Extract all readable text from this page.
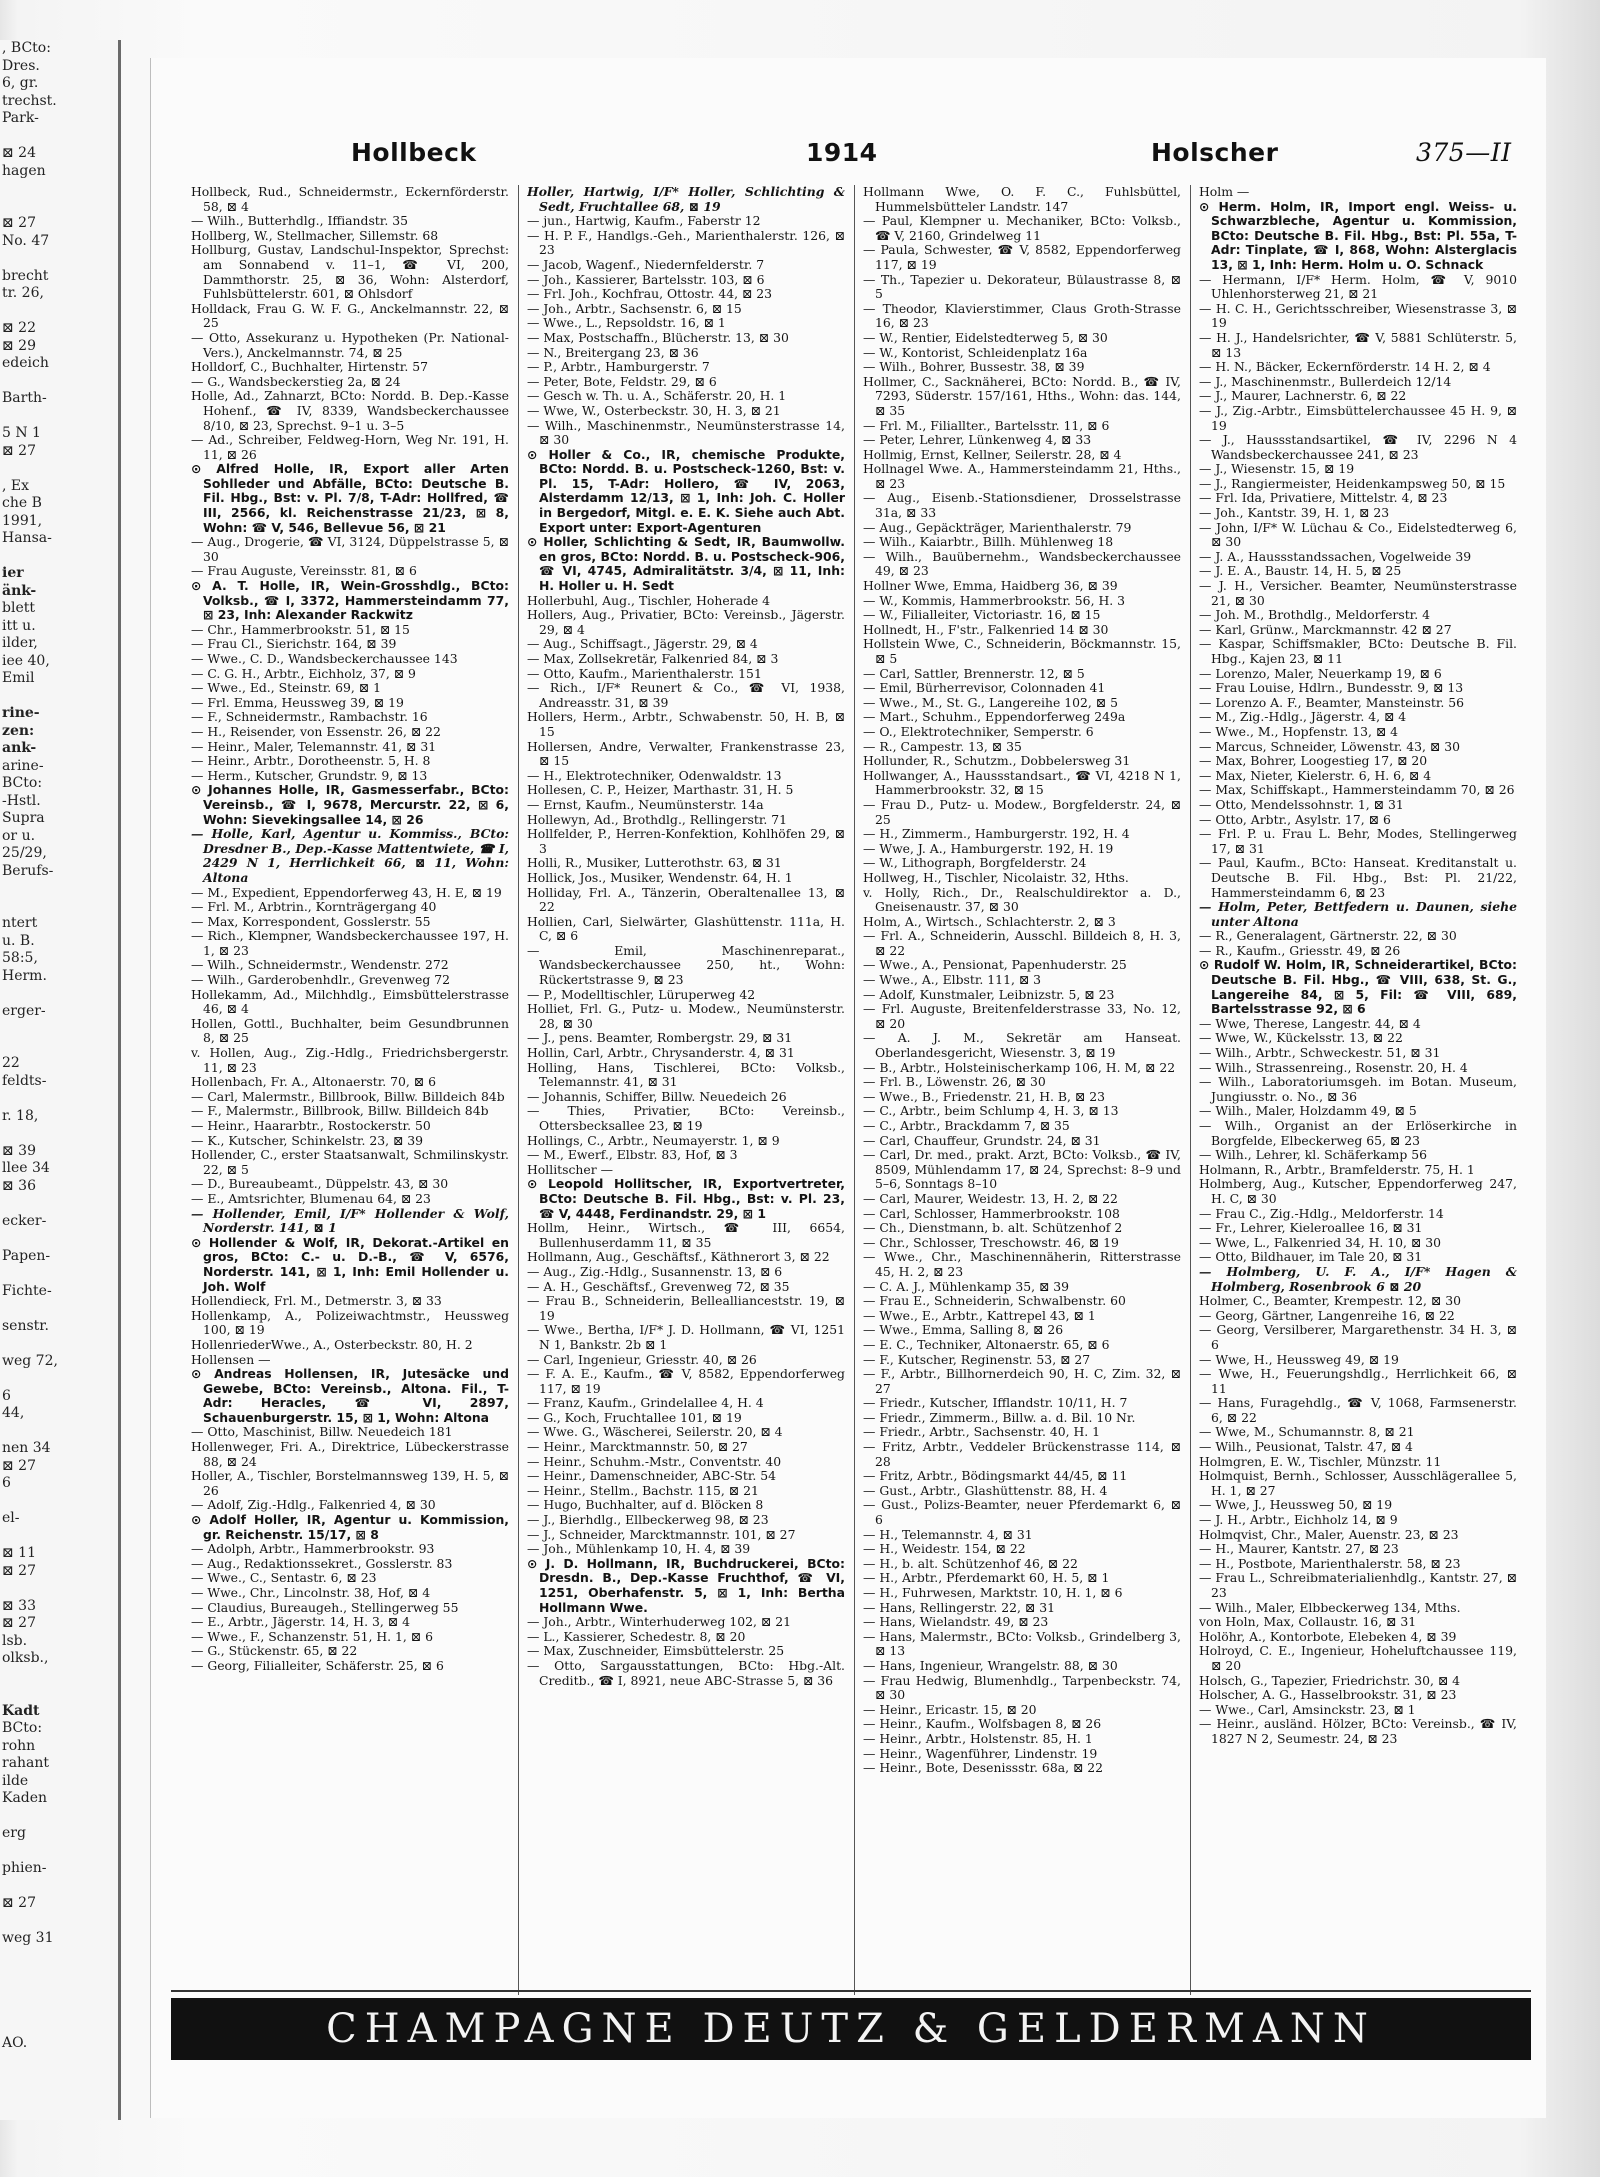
, BCto:
Dres.
6, gr.
trechst.
Park-

⊠ 24
hagen

⊠ 27
No. 47

brecht
tr. 26,

⊠ 22
⊠ 29
edeich

Barth-

5 N 1
⊠ 27

, Ex
che B
1991,
Hansa-

ier
änk-
blett
itt u.
ilder,
iee 40,
Emil

rine-
zen:
ank-
arine-
BCto:
-Hstl.
Supra
or u.
25/29,
Berufs-

ntert
u. B.
58:5,
Herm.

erger-

22
feldts-

r. 18,

⊠ 39
llee 34
⊠ 36

ecker-

Papen-

Fichte-

senstr.

weg 72,

6
44,

nen 34
⊠ 27
6

el-

⊠ 11
⊠ 27

⊠ 33
⊠ 27
lsb.
olksb.,

Kadt
BCto:
rohn
rahant
ilde
Kaden

erg

phien-

⊠ 27

weg 31

AO.
Hollbeck	1914	Holscher	375—II

Hollbeck, Rud., Schneidermstr., Eckernförderstr. 58, ⊠ 4

— Wilh., Butterhdlg., Iffiandstr. 35

Hollberg, W., Stellmacher, Sillemstr. 68

Hollburg, Gustav, Landschul-Inspektor, Sprechst: am Sonnabend v. 11–1, ☎ VI, 200, Dammthorstr. 25, ⊠ 36, Wohn: Alsterdorf, Fuhlsbüttelerstr. 601, ⊠ Ohlsdorf

Holldack, Frau G. W. F. G., Anckelmannstr. 22, ⊠ 25

— Otto, Assekuranz u. Hypotheken (Pr. National-Vers.), Anckelmannstr. 74, ⊠ 25

Holldorf, C., Buchhalter, Hirtenstr. 57

— G., Wandsbeckerstieg 2a, ⊠ 24

Holle, Ad., Zahnarzt, BCto: Nordd. B. Dep.-Kasse Hohenf., ☎ IV, 8339, Wandsbeckerchaussee 8/10, ⊠ 23, Sprechst. 9–1 u. 3–5

— Ad., Schreiber, Feldweg-Horn, Weg Nr. 191, H. 11, ⊠ 26

⊙ Alfred Holle, IR, Export aller Arten Sohlleder und Abfälle, BCto: Deutsche B. Fil. Hbg., Bst: v. Pl. 7/8, T-Adr: Hollfred, ☎ III, 2566, kl. Reichenstrasse 21/23, ⊠ 8, Wohn: ☎ V, 546, Bellevue 56, ⊠ 21

— Aug., Drogerie, ☎ VI, 3124, Düppelstrasse 5, ⊠ 30

— Frau Auguste, Vereinsstr. 81, ⊠ 6

⊙ A. T. Holle, IR, Wein-Grosshdlg., BCto: Volksb., ☎ I, 3372, Hammersteindamm 77, ⊠ 23, Inh: Alexander Rackwitz

— Chr., Hammerbrookstr. 51, ⊠ 15

— Frau Cl., Sierichstr. 164, ⊠ 39

— Wwe., C. D., Wandsbeckerchaussee 143

— C. G. H., Arbtr., Eichholz, 37, ⊠ 9

— Wwe., Ed., Steinstr. 69, ⊠ 1

— Frl. Emma, Heussweg 39, ⊠ 19

— F., Schneidermstr., Rambachstr. 16

— H., Reisender, von Essenstr. 26, ⊠ 22

— Heinr., Maler, Telemannstr. 41, ⊠ 31

— Heinr., Arbtr., Dorotheenstr. 5, H. 8

— Herm., Kutscher, Grundstr. 9, ⊠ 13

⊙ Johannes Holle, IR, Gasmesserfabr., BCto: Vereinsb., ☎ I, 9678, Mercurstr. 22, ⊠ 6, Wohn: Sievekingsallee 14, ⊠ 26

— Holle, Karl, Agentur u. Kommiss., BCto: Dresdner B., Dep.-Kasse Mattentwiete, ☎ I, 2429 N 1, Herrlichkeit 66, ⊠ 11, Wohn: Altona

— M., Expedient, Eppendorferweg 43, H. E, ⊠ 19

— Frl. M., Arbtrin., Kornträgergang 40

— Max, Korrespondent, Gosslerstr. 55

— Rich., Klempner, Wandsbeckerchaussee 197, H. 1, ⊠ 23

— Wilh., Schneidermstr., Wendenstr. 272

— Wilh., Garderobenhdlr., Grevenweg 72

Hollekamm, Ad., Milchhdlg., Eimsbüttelerstrasse 46, ⊠ 4

Hollen, Gottl., Buchhalter, beim Gesundbrunnen 8, ⊠ 25

v. Hollen, Aug., Zig.-Hdlg., Friedrichsbergerstr. 11, ⊠ 23

Hollenbach, Fr. A., Altonaerstr. 70, ⊠ 6

— Carl, Malermstr., Billbrook, Billw. Billdeich 84b

— F., Malermstr., Billbrook, Billw. Billdeich 84b

— Heinr., Haararbtr., Rostockerstr. 50

— K., Kutscher, Schinkelstr. 23, ⊠ 39

Hollender, C., erster Staatsanwalt, Schmilinskystr. 22, ⊠ 5

— D., Bureaubeamt., Düppelstr. 43, ⊠ 30

— E., Amtsrichter, Blumenau 64, ⊠ 23

— Hollender, Emil, I/F* Hollender & Wolf, Norderstr. 141, ⊠ 1

⊙ Hollender & Wolf, IR, Dekorat.-Artikel en gros, BCto: C.- u. D.-B., ☎ V, 6576, Norderstr. 141, ⊠ 1, Inh: Emil Hollender u. Joh. Wolf

Hollendieck, Frl. M., Detmerstr. 3, ⊠ 33

Hollenkamp, A., Polizeiwachtmstr., Heussweg 100, ⊠ 19

HollenriederWwe., A., Osterbeckstr. 80, H. 2

Hollensen —

⊙ Andreas Hollensen, IR, Jutesäcke und Gewebe, BCto: Vereinsb., Altona. Fil., T-Adr: Heracles, ☎ VI, 2897, Schauenburgerstr. 15, ⊠ 1, Wohn: Altona

— Otto, Maschinist, Billw. Neuedeich 181

Hollenweger, Fri. A., Direktrice, Lübeckerstrasse 88, ⊠ 24

Holler, A., Tischler, Borstelmannsweg 139, H. 5, ⊠ 26

— Adolf, Zig.-Hdlg., Falkenried 4, ⊠ 30

⊙ Adolf Holler, IR, Agentur u. Kommission, gr. Reichenstr. 15/17, ⊠ 8

— Adolph, Arbtr., Hammerbrookstr. 93

— Aug., Redaktionssekret., Gosslerstr. 83

— Wwe., C., Sentastr. 6, ⊠ 23

— Wwe., Chr., Lincolnstr. 38, Hof, ⊠ 4

— Claudius, Bureaugeh., Stellingerweg 55

— E., Arbtr., Jägerstr. 14, H. 3, ⊠ 4

— Wwe., F., Schanzenstr. 51, H. 1, ⊠ 6

— G., Stückenstr. 65, ⊠ 22

— Georg, Filialleiter, Schäferstr. 25, ⊠ 6

Holler, Hartwig, I/F* Holler, Schlichting & Sedt, Fruchtallee 68, ⊠ 19

— jun., Hartwig, Kaufm., Faberstr 12

— H. P. F., Handlgs.-Geh., Marienthalerstr. 126, ⊠ 23

— Jacob, Wagenf., Niedernfelderstr. 7

— Joh., Kassierer, Bartelsstr. 103, ⊠ 6

— Frl. Joh., Kochfrau, Ottostr. 44, ⊠ 23

— Joh., Arbtr., Sachsenstr. 6, ⊠ 15

— Wwe., L., Repsoldstr. 16, ⊠ 1

— Max, Postschaffn., Blücherstr. 13, ⊠ 30

— N., Breitergang 23, ⊠ 36

— P., Arbtr., Hamburgerstr. 7

— Peter, Bote, Feldstr. 29, ⊠ 6

— Gesch w. Th. u. A., Schäferstr. 20, H. 1

— Wwe, W., Osterbeckstr. 30, H. 3, ⊠ 21

— Wilh., Maschinenmstr., Neumünsterstrasse 14, ⊠ 30

⊙ Holler & Co., IR, chemische Produkte, BCto: Nordd. B. u. Postscheck-1260, Bst: v. Pl. 15, T-Adr: Hollero, ☎ IV, 2063, Alsterdamm 12/13, ⊠ 1, Inh: Joh. C. Holler in Bergedorf, Mitgl. e. E. K. Siehe auch Abt. Export unter: Export-Agenturen

⊙ Holler, Schlichting & Sedt, IR, Baumwollw. en gros, BCto: Nordd. B. u. Postscheck-906, ☎ VI, 4745, Admiralitätstr. 3/4, ⊠ 11, Inh: H. Holler u. H. Sedt

Hollerbuhl, Aug., Tischler, Hoherade 4

Hollers, Aug., Privatier, BCto: Vereinsb., Jägerstr. 29, ⊠ 4

— Aug., Schiffsagt., Jägerstr. 29, ⊠ 4

— Max, Zollsekretär, Falkenried 84, ⊠ 3

— Otto, Kaufm., Marienthalerstr. 151

— Rich., I/F* Reunert & Co., ☎ VI, 1938, Andreasstr. 31, ⊠ 39

Hollers, Herm., Arbtr., Schwabenstr. 50, H. B, ⊠ 15

Hollersen, Andre, Verwalter, Frankenstrasse 23, ⊠ 15

— H., Elektrotechniker, Odenwaldstr. 13

Hollesen, C. P., Heizer, Marthastr. 31, H. 5

— Ernst, Kaufm., Neumünsterstr. 14a

Hollewyn, Ad., Brothdlg., Rellingerstr. 71

Hollfelder, P., Herren-Konfektion, Kohlhöfen 29, ⊠ 3

Holli, R., Musiker, Lutterothstr. 63, ⊠ 31

Hollick, Jos., Musiker, Wendenstr. 64, H. 1

Holliday, Frl. A., Tänzerin, Oberaltenallee 13, ⊠ 22

Hollien, Carl, Sielwärter, Glashüttenstr. 111a, H. C, ⊠ 6

— Emil, Maschinenreparat., Wandsbeckerchaussee 250, ht., Wohn: Rückertstrasse 9, ⊠ 23

— P., Modelltischler, Lüruperweg 42

Holliet, Frl. G., Putz- u. Modew., Neumünsterstr. 28, ⊠ 30

— J., pens. Beamter, Rombergstr. 29, ⊠ 31

Hollin, Carl, Arbtr., Chrysanderstr. 4, ⊠ 31

Holling, Hans, Tischlerei, BCto: Volksb., Telemannstr. 41, ⊠ 31

— Johannis, Schiffer, Billw. Neuedeich 26

— Thies, Privatier, BCto: Vereinsb., Ottersbecksallee 23, ⊠ 19

Hollings, C., Arbtr., Neumayerstr. 1, ⊠ 9

— M., Ewerf., Elbstr. 83, Hof, ⊠ 3

Hollitscher —

⊙ Leopold Hollitscher, IR, Exportvertreter, BCto: Deutsche B. Fil. Hbg., Bst: v. Pl. 23, ☎ V, 4448, Ferdinandstr. 29, ⊠ 1

Hollm, Heinr., Wirtsch., ☎ III, 6654, Bullenhuserdamm 11, ⊠ 35

Hollmann, Aug., Geschäftsf., Käthnerort 3, ⊠ 22

— Aug., Zig.-Hdlg., Susannenstr. 13, ⊠ 6

— A. H., Geschäftsf., Grevenweg 72, ⊠ 35

— Frau B., Schneiderin, Belleallianceststr. 19, ⊠ 19

— Wwe., Bertha, I/F* J. D. Hollmann, ☎ VI, 1251 N 1, Bankstr. 2b ⊠ 1

— Carl, Ingenieur, Griesstr. 40, ⊠ 26

— F. A. E., Kaufm., ☎ V, 8582, Eppendorferweg 117, ⊠ 19

— Franz, Kaufm., Grindelallee 4, H. 4

— G., Koch, Fruchtallee 101, ⊠ 19

— Wwe. G., Wäscherei, Seilerstr. 20, ⊠ 4

— Heinr., Marcktmannstr. 50, ⊠ 27

— Heinr., Schuhm.-Mstr., Conventstr. 40

— Heinr., Damenschneider, ABC-Str. 54

— Heinr., Stellm., Bachstr. 115, ⊠ 21

— Hugo, Buchhalter, auf d. Blöcken 8

— J., Bierhdlg., Ellbeckerweg 98, ⊠ 23

— J., Schneider, Marcktmannstr. 101, ⊠ 27

— Joh., Mühlenkamp 10, H. 4, ⊠ 39

⊙ J. D. Hollmann, IR, Buchdruckerei, BCto: Dresdn. B., Dep.-Kasse Fruchthof, ☎ VI, 1251, Oberhafenstr. 5, ⊠ 1, Inh: Bertha Hollmann Wwe.

— Joh., Arbtr., Winterhuderweg 102, ⊠ 21

— L., Kassierer, Schedestr. 8, ⊠ 20

— Max, Zuschneider, Eimsbüttelerstr. 25

— Otto, Sargausstattungen, BCto: Hbg.-Alt. Creditb., ☎ I, 8921, neue ABC-Strasse 5, ⊠ 36

Hollmann Wwe, O. F. C., Fuhlsbüttel, Hummelsbütteler Landstr. 147

— Paul, Klempner u. Mechaniker, BCto: Volksb., ☎ V, 2160, Grindelweg 11

— Paula, Schwester, ☎ V, 8582, Eppendorferweg 117, ⊠ 19

— Th., Tapezier u. Dekorateur, Bülaustrasse 8, ⊠ 5

— Theodor, Klavierstimmer, Claus Groth-Strasse 16, ⊠ 23

— W., Rentier, Eidelstedterweg 5, ⊠ 30

— W., Kontorist, Schleidenplatz 16a

— Wilh., Bohrer, Bussestr. 38, ⊠ 39

Hollmer, C., Sacknäherei, BCto: Nordd. B., ☎ IV, 7293, Süderstr. 157/161, Hths., Wohn: das. 144, ⊠ 35

— Frl. M., Filiallter., Bartelsstr. 11, ⊠ 6

— Peter, Lehrer, Lünkenweg 4, ⊠ 33

Hollmig, Ernst, Kellner, Seilerstr. 28, ⊠ 4

Hollnagel Wwe. A., Hammersteindamm 21, Hths., ⊠ 23

— Aug., Eisenb.-Stationsdiener, Drosselstrasse 31a, ⊠ 33

— Aug., Gepäckträger, Marienthalerstr. 79

— Wilh., Kaiarbtr., Billh. Mühlenweg 18

— Wilh., Bauübernehm., Wandsbeckerchaussee 49, ⊠ 23

Hollner Wwe, Emma, Haidberg 36, ⊠ 39

— W., Kommis, Hammerbrookstr. 56, H. 3

— W., Filialleiter, Victoriastr. 16, ⊠ 15

Hollnedt, H., F'str., Falkenried 14 ⊠ 30

Hollstein Wwe, C., Schneiderin, Böckmannstr. 15, ⊠ 5

— Carl, Sattler, Brennerstr. 12, ⊠ 5

— Emil, Bürherrevisor, Colonnaden 41

— Wwe., M., St. G., Langereihe 102, ⊠ 5

— Mart., Schuhm., Eppendorferweg 249a

— O., Elektrotechniker, Semperstr. 6

— R., Campestr. 13, ⊠ 35

Hollunder, R., Schutzm., Dobbelersweg 31

Hollwanger, A., Haussstandsart., ☎ VI, 4218 N 1, Hammerbrookstr. 32, ⊠ 15

— Frau D., Putz- u. Modew., Borgfelderstr. 24, ⊠ 25

— H., Zimmerm., Hamburgerstr. 192, H. 4

— Wwe, J. A., Hamburgerstr. 192, H. 19

— W., Lithograph, Borgfelderstr. 24

Hollweg, H., Tischler, Nicolaistr. 32, Hths.

v. Holly, Rich., Dr., Realschuldirektor a. D., Gneisenaustr. 37, ⊠ 30

Holm, A., Wirtsch., Schlachterstr. 2, ⊠ 3

— Frl. A., Schneiderin, Ausschl. Billdeich 8, H. 3, ⊠ 22

— Wwe., A., Pensionat, Papenhuderstr. 25

— Wwe., A., Elbstr. 111, ⊠ 3

— Adolf, Kunstmaler, Leibnizstr. 5, ⊠ 23

— Frl. Auguste, Breitenfelderstrasse 33, No. 12, ⊠ 20

— A. J. M., Sekretär am Hanseat. Oberlandesgericht, Wiesenstr. 3, ⊠ 19

— B., Arbtr., Holsteinischerkamp 106, H. M, ⊠ 22

— Frl. B., Löwenstr. 26, ⊠ 30

— Wwe., B., Friedenstr. 21, H. B, ⊠ 23

— C., Arbtr., beim Schlump 4, H. 3, ⊠ 13

— C., Arbtr., Brackdamm 7, ⊠ 35

— Carl, Chauffeur, Grundstr. 24, ⊠ 31

— Carl, Dr. med., prakt. Arzt, BCto: Volksb., ☎ IV, 8509, Mühlendamm 17, ⊠ 24, Sprechst: 8–9 und 5–6, Sonntags 8–10

— Carl, Maurer, Weidestr. 13, H. 2, ⊠ 22

— Carl, Schlosser, Hammerbrookstr. 108

— Ch., Dienstmann, b. alt. Schützenhof 2

— Chr., Schlosser, Treschowstr. 46, ⊠ 19

— Wwe., Chr., Maschinennäherin, Ritterstrasse 45, H. 2, ⊠ 23

— C. A. J., Mühlenkamp 35, ⊠ 39

— Frau E., Schneiderin, Schwalbenstr. 60

— Wwe., E., Arbtr., Kattrepel 43, ⊠ 1

— Wwe., Emma, Salling 8, ⊠ 26

— E. C., Techniker, Altonaerstr. 65, ⊠ 6

— F., Kutscher, Reginenstr. 53, ⊠ 27

— F., Arbtr., Billhornerdeich 90, H. C, Zim. 32, ⊠ 27

— Friedr., Kutscher, Ifflandstr. 10/11, H. 7

— Friedr., Zimmerm., Billw. a. d. Bil. 10 Nr.

— Friedr., Arbtr., Sachsenstr. 40, H. 1

— Fritz, Arbtr., Veddeler Brückenstrasse 114, ⊠ 28

— Fritz, Arbtr., Bödingsmarkt 44/45, ⊠ 11

— Gust., Arbtr., Glashüttenstr. 88, H. 4

— Gust., Polizs-Beamter, neuer Pferdemarkt 6, ⊠ 6

— H., Telemannstr. 4, ⊠ 31

— H., Weidestr. 154, ⊠ 22

— H., b. alt. Schützenhof 46, ⊠ 22

— H., Arbtr., Pferdemarkt 60, H. 5, ⊠ 1

— H., Fuhrwesen, Marktstr. 10, H. 1, ⊠ 6

— Hans, Rellingerstr. 22, ⊠ 31

— Hans, Wielandstr. 49, ⊠ 23

— Hans, Malermstr., BCto: Volksb., Grindelberg 3, ⊠ 13

— Hans, Ingenieur, Wrangelstr. 88, ⊠ 30

— Frau Hedwig, Blumenhdlg., Tarpenbeckstr. 74, ⊠ 30

— Heinr., Ericastr. 15, ⊠ 20

— Heinr., Kaufm., Wolfsbagen 8, ⊠ 26

— Heinr., Arbtr., Holstenstr. 85, H. 1

— Heinr., Wagenführer, Lindenstr. 19

— Heinr., Bote, Desenissstr. 68a, ⊠ 22

Holm —

⊙ Herm. Holm, IR, Import engl. Weiss- u. Schwarzbleche, Agentur u. Kommission, BCto: Deutsche B. Fil. Hbg., Bst: Pl. 55a, T-Adr: Tinplate, ☎ I, 868, Wohn: Alsterglacis 13, ⊠ 1, Inh: Herm. Holm u. O. Schnack

— Hermann, I/F* Herm. Holm, ☎ V, 9010 Uhlenhorsterweg 21, ⊠ 21

— H. C. H., Gerichtsschreiber, Wiesenstrasse 3, ⊠ 19

— H. J., Handelsrichter, ☎ V, 5881 Schlüterstr. 5, ⊠ 13

— H. N., Bäcker, Eckernförderstr. 14 H. 2, ⊠ 4

— J., Maschinenmstr., Bullerdeich 12/14

— J., Maurer, Lachnerstr. 6, ⊠ 22

— J., Zig.-Arbtr., Eimsbüttelerchaussee 45 H. 9, ⊠ 19

— J., Haussstandsartikel, ☎ IV, 2296 N 4 Wandsbeckerchaussee 241, ⊠ 23

— J., Wiesenstr. 15, ⊠ 19

— J., Rangiermeister, Heidenkampsweg 50, ⊠ 15

— Frl. Ida, Privatiere, Mittelstr. 4, ⊠ 23

— Joh., Kantstr. 39, H. 1, ⊠ 23

— John, I/F* W. Lüchau & Co., Eidelstedterweg 6, ⊠ 30

— J. A., Haussstandssachen, Vogelweide 39

— J. E. A., Baustr. 14, H. 5, ⊠ 25

— J. H., Versicher. Beamter, Neumünsterstrasse 21, ⊠ 30

— Joh. M., Brothdlg., Meldorferstr. 4

— Karl, Grünw., Marckmannstr. 42 ⊠ 27

— Kaspar, Schiffsmakler, BCto: Deutsche B. Fil. Hbg., Kajen 23, ⊠ 11

— Lorenzo, Maler, Neuerkamp 19, ⊠ 6

— Frau Louise, Hdlrn., Bundesstr. 9, ⊠ 13

— Lorenzo A. F., Beamter, Mansteinstr. 56

— M., Zig.-Hdlg., Jägerstr. 4, ⊠ 4

— Wwe., M., Hopfenstr. 13, ⊠ 4

— Marcus, Schneider, Löwenstr. 43, ⊠ 30

— Max, Bohrer, Loogestieg 17, ⊠ 20

— Max, Nieter, Kielerstr. 6, H. 6, ⊠ 4

— Max, Schiffskapt., Hammersteindamm 70, ⊠ 26

— Otto, Mendelssohnstr. 1, ⊠ 31

— Otto, Arbtr., Asylstr. 17, ⊠ 6

— Frl. P. u. Frau L. Behr, Modes, Stellingerweg 17, ⊠ 31

— Paul, Kaufm., BCto: Hanseat. Kreditanstalt u. Deutsche B. Fil. Hbg., Bst: Pl. 21/22, Hammersteindamm 6, ⊠ 23

— Holm, Peter, Bettfedern u. Daunen, siehe unter Altona

— R., Generalagent, Gärtnerstr. 22, ⊠ 30

— R., Kaufm., Griesstr. 49, ⊠ 26

⊙ Rudolf W. Holm, IR, Schneiderartikel, BCto: Deutsche B. Fil. Hbg., ☎ VIII, 638, St. G., Langereihe 84, ⊠ 5, Fil: ☎ VIII, 689, Bartelsstrasse 92, ⊠ 6

— Wwe, Therese, Langestr. 44, ⊠ 4

— Wwe, W., Kückelsstr. 13, ⊠ 22

— Wilh., Arbtr., Schweckestr. 51, ⊠ 31

— Wilh., Strassenreing., Rosenstr. 20, H. 4

— Wilh., Laboratoriumsgeh. im Botan. Museum, Jungiusstr. o. No., ⊠ 36

— Wilh., Maler, Holzdamm 49, ⊠ 5

— Wilh., Organist an der Erlöserkirche in Borgfelde, Elbeckerweg 65, ⊠ 23

— Wilh., Lehrer, kl. Schäferkamp 56

Holmann, R., Arbtr., Bramfelderstr. 75, H. 1

Holmberg, Aug., Kutscher, Eppendorferweg 247, H. C, ⊠ 30

— Frau C., Zig.-Hdlg., Meldorferstr. 14

— Fr., Lehrer, Kieleroallee 16, ⊠ 31

— Wwe, L., Falkenried 34, H. 10, ⊠ 30

— Otto, Bildhauer, im Tale 20, ⊠ 31

— Holmberg, U. F. A., I/F* Hagen & Holmberg, Rosenbrook 6 ⊠ 20

Holmer, C., Beamter, Krempestr. 12, ⊠ 30

— Georg, Gärtner, Langenreihe 16, ⊠ 22

— Georg, Versilberer, Margarethenstr. 34 H. 3, ⊠ 6

— Wwe, H., Heussweg 49, ⊠ 19

— Wwe, H., Feuerungshdlg., Herrlichkeit 66, ⊠ 11

— Hans, Furagehdlg., ☎ V, 1068, Farmsenerstr. 6, ⊠ 22

— Wwe, M., Schumannstr. 8, ⊠ 21

— Wilh., Peusionat, Talstr. 47, ⊠ 4

Holmgren, E. W., Tischler, Münzstr. 11

Holmquist, Bernh., Schlosser, Ausschlägerallee 5, H. 1, ⊠ 27

— Wwe, J., Heussweg 50, ⊠ 19

— J. H., Arbtr., Eichholz 14, ⊠ 9

Holmqvist, Chr., Maler, Auenstr. 23, ⊠ 23

— H., Maurer, Kantstr. 27, ⊠ 23

— H., Postbote, Marienthalerstr. 58, ⊠ 23

— Frau L., Schreibmaterialienhdlg., Kantstr. 27, ⊠ 23

— Wilh., Maler, Elbbeckerweg 134, Mths.

von Holn, Max, Collaustr. 16, ⊠ 31

Holöhr, A., Kontorbote, Elebeken 4, ⊠ 39

Holroyd, C. E., Ingenieur, Hoheluftchaussee 119, ⊠ 20

Holsch, G., Tapezier, Friedrichstr. 30, ⊠ 4

Holscher, A. G., Hasselbrookstr. 31, ⊠ 23

— Wwe., Carl, Amsinckstr. 23, ⊠ 1

— Heinr., ausländ. Hölzer, BCto: Vereinsb., ☎ IV, 1827 N 2, Seumestr. 24, ⊠ 23

CHAMPAGNE DEUTZ & GELDERMANN
